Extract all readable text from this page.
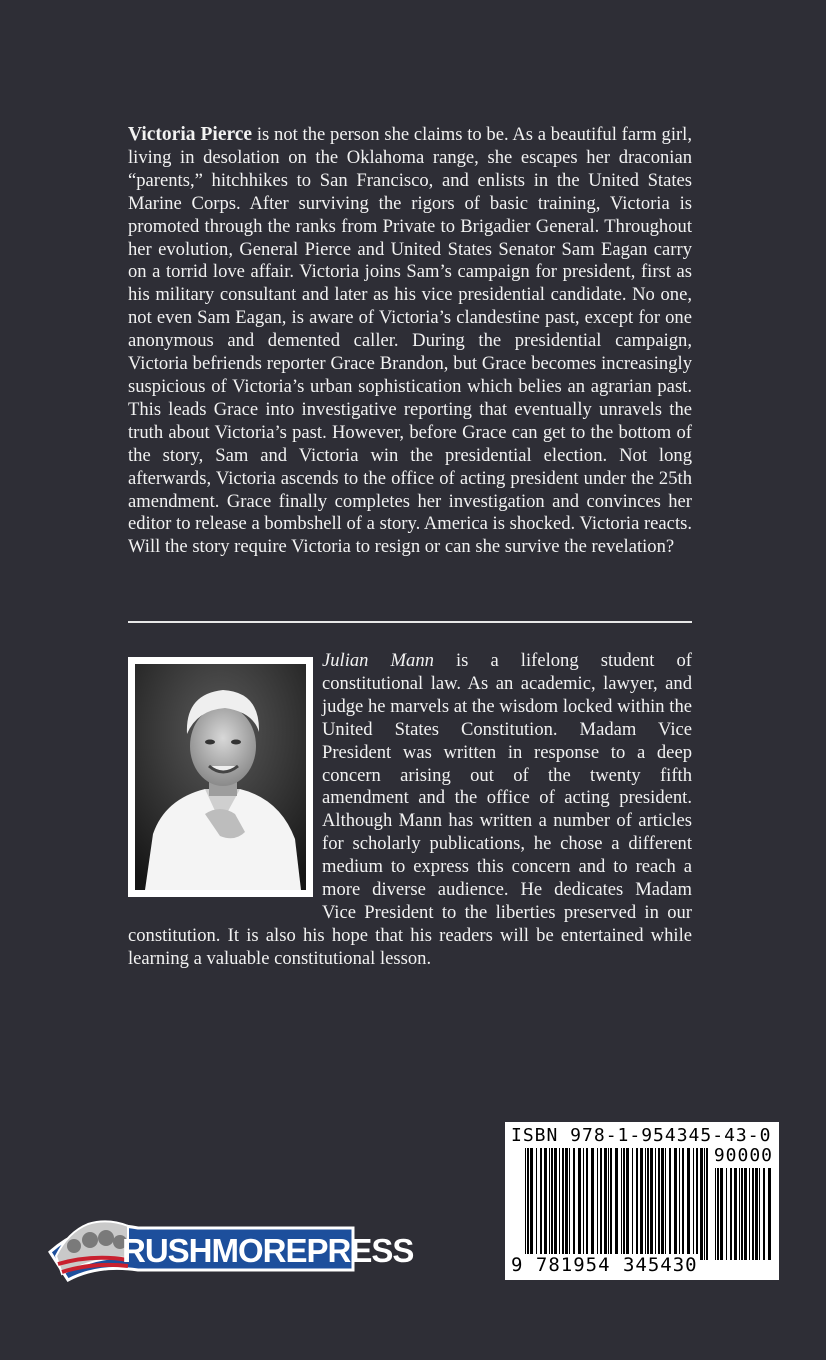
Victoria Pierce is not the person she claims to be. As a beautiful farm girl, living in desolation on the Oklahoma range, she escapes her draconian “parents,” hitchhikes to San Francisco, and enlists in the United States Marine Corps. After surviving the rigors of basic training, Victoria is promoted through the ranks from Private to Brigadier General. Throughout her evolution, General Pierce and United States Senator Sam Eagan carry on a torrid love affair. Victoria joins Sam’s campaign for president, first as his military consultant and later as his vice presidential candidate. No one, not even Sam Eagan, is aware of Victoria’s clandestine past, except for one anonymous and demented caller. During the presidential campaign, Victoria befriends reporter Grace Brandon, but Grace becomes increasingly suspicious of Victoria’s urban sophistication which belies an agrarian past. This leads Grace into investigative reporting that eventually unravels the truth about Victoria’s past. However, before Grace can get to the bottom of the story, Sam and Victoria win the presidential election. Not long afterwards, Victoria ascends to the office of acting president under the 25th amendment. Grace finally completes her investigation and convinces her editor to release a bombshell of a story. America is shocked. Victoria reacts. Will the story require Victoria to resign or can she survive the revelation?

Julian Mann is a lifelong student of constitutional law. As an academic, lawyer, and judge he marvels at the wisdom locked within the United States Constitution. Madam Vice President was written in response to a deep concern arising out of the twenty fifth amendment and the office of acting president. Although Mann has written a number of articles for scholarly publications, he chose a different medium to express this concern and to reach a more diverse audience. He dedicates Madam Vice President to the liberties preserved in our constitution. It is also his hope that his readers will be entertained while learning a valuable constitutional lesson.

ISBN 978-1-954345-43-0
90000
9 781954 345430
RUSHMOREPRESS
